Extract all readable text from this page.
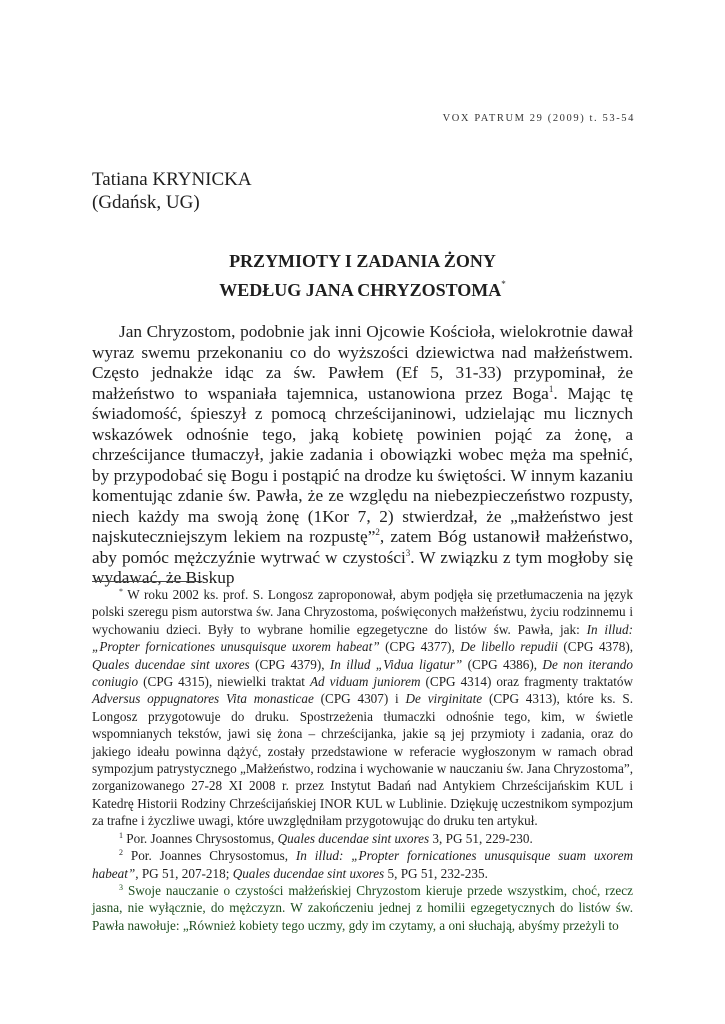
VOX PATRUM 29 (2009) t. 53-54
Tatiana KRYNICKA
(Gdańsk, UG)
PRZYMIOTY I ZADANIA ŻONY
WEDŁUG JANA CHRYZOSTOMA*

Jan Chryzostom, podobnie jak inni Ojcowie Kościoła, wielokrotnie dawał wyraz swemu przekonaniu co do wyższości dziewictwa nad małżeństwem. Często jednakże idąc za św. Pawłem (Ef 5, 31-33) przypominał, że małżeństwo to wspaniała tajemnica, ustanowiona przez Boga$^1$. Mając tę świadomość, śpieszył z pomocą chrześcijaninowi, udzielając mu licznych wskazówek odnośnie tego, jaką kobietę powinien pojąć za żonę, a chrześcijance tłumaczył, jakie zadania i obowiązki wobec męża ma spełnić, by przypodobać się Bogu i postąpić na drodze ku świętości. W innym kazaniu komentując zdanie św. Pawła, że ze względu na niebezpieczeństwo rozpusty, niech każdy ma swoją żonę (1Kor 7, 2) stwierdzał, że „małżeństwo jest najskuteczniejszym lekiem na rozpustę”$^2$, zatem Bóg ustanowił małżeństwo, aby pomóc mężczyźnie wytrwać w czystości$^3$. W związku z tym mogłoby się wydawać, że Biskup

* W roku 2002 ks. prof. S. Longosz zaproponował, abym podjęła się przetłumaczenia na język polski szeregu pism autorstwa św. Jana Chryzostoma, poświęconych małżeństwu, życiu rodzinnemu i wychowaniu dzieci. Były to wybrane homilie egzegetyczne do listów św. Pawła, jak: In illud: „Propter fornicationes unusquisque uxorem habeat” (CPG 4377), De libello repudii (CPG 4378), Quales ducendae sint uxores (CPG 4379), In illud „Vidua ligatur” (CPG 4386), De non iterando coniugio (CPG 4315), niewielki traktat Ad viduam juniorem (CPG 4314) oraz fragmenty traktatów Adversus oppugnatores Vita monasticae (CPG 4307) i De virginitate (CPG 4313), które ks. S. Longosz przygotowuje do druku. Spostrzeżenia tłumaczki odnośnie tego, kim, w świetle wspomnianych tekstów, jawi się żona – chrześcijanka, jakie są jej przymioty i zadania, oraz do jakiego ideału powinna dążyć, zostały przedstawione w referacie wygłoszonym w ramach obrad sympozjum patrystycznego „Małżeństwo, rodzina i wychowanie w nauczaniu św. Jana Chryzostoma”, zorganizowanego 27-28 XI 2008 r. przez Instytut Badań nad Antykiem Chrześcijańskim KUL i Katedrę Historii Rodziny Chrześcijańskiej INOR KUL w Lublinie. Dziękuję uczestnikom sympozjum za trafne i życzliwe uwagi, które uwzględniłam przygotowując do druku ten artykuł.

$^1$ Por. Joannes Chrysostomus, Quales ducendae sint uxores 3, PG 51, 229-230.

$^2$ Por. Joannes Chrysostomus, In illud: „Propter fornicationes unusquisque suam uxorem habeat”, PG 51, 207-218; Quales ducendae sint uxores 5, PG 51, 232-235.

$^3$ Swoje nauczanie o czystości małżeńskiej Chryzostom kieruje przede wszystkim, choć, rzecz jasna, nie wyłącznie, do mężczyzn. W zakończeniu jednej z homilii egzegetycznych do listów św. Pawła nawołuje: „Również kobiety tego uczmy, gdy im czytamy, a oni słuchają, abyśmy przeżyli to
